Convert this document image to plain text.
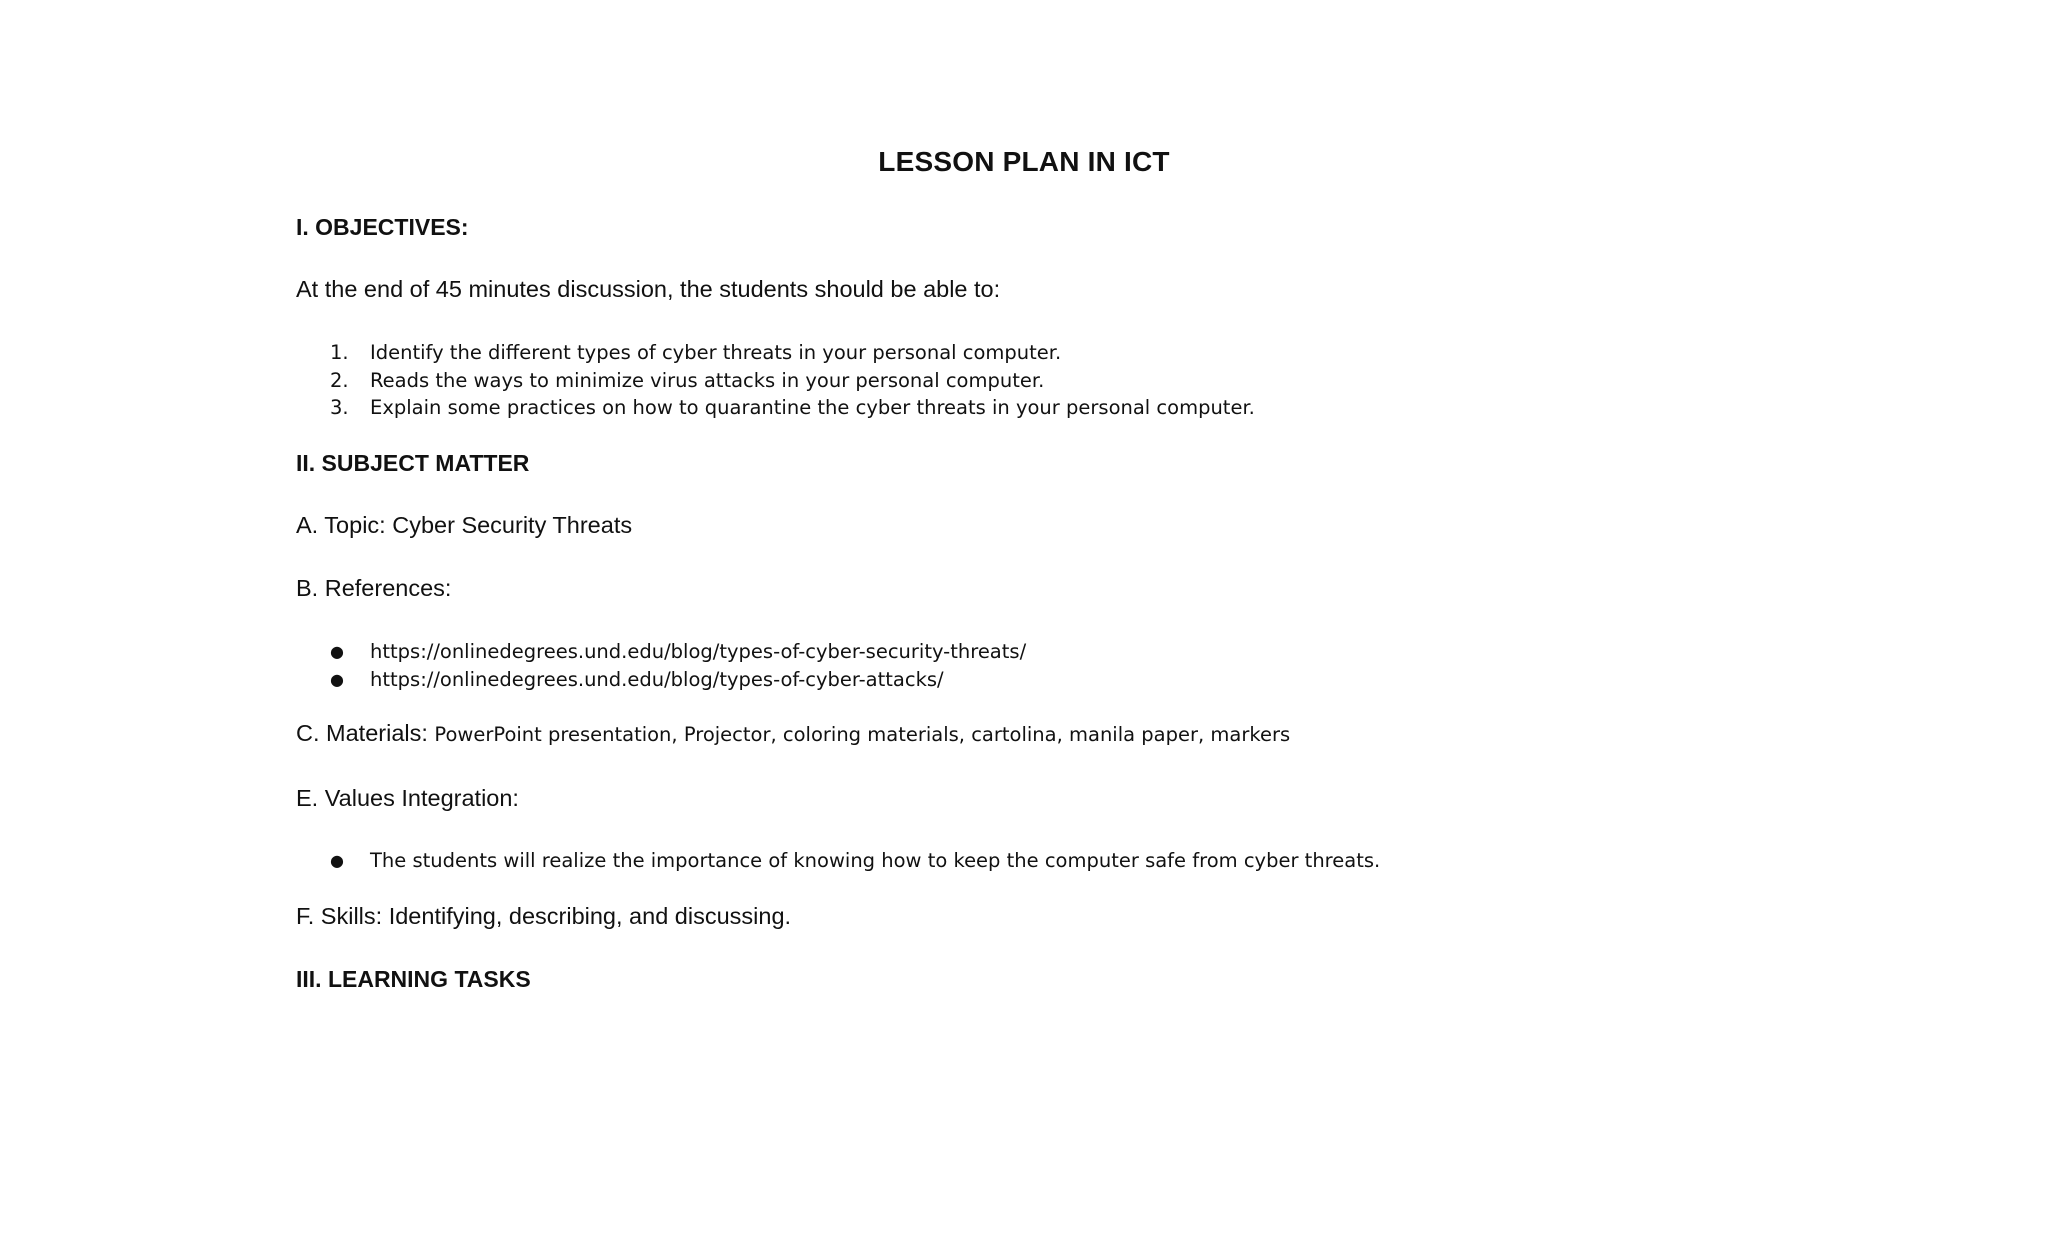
LESSON PLAN IN ICT
I. OBJECTIVES:
At the end of 45 minutes discussion, the students should be able to:
1. Identify the different types of cyber threats in your personal computer.
2. Reads the ways to minimize virus attacks in your personal computer.
3. Explain some practices on how to quarantine the cyber threats in your personal computer.
II. SUBJECT MATTER
A. Topic: Cyber Security Threats
B. References:
● https://onlinedegrees.und.edu/blog/types-of-cyber-security-threats/
● https://onlinedegrees.und.edu/blog/types-of-cyber-attacks/
C. Materials: PowerPoint presentation, Projector, coloring materials, cartolina, manila paper, markers
E. Values Integration:
● The students will realize the importance of knowing how to keep the computer safe from cyber threats.
F. Skills: Identifying, describing, and discussing.
III. LEARNING TASKS
